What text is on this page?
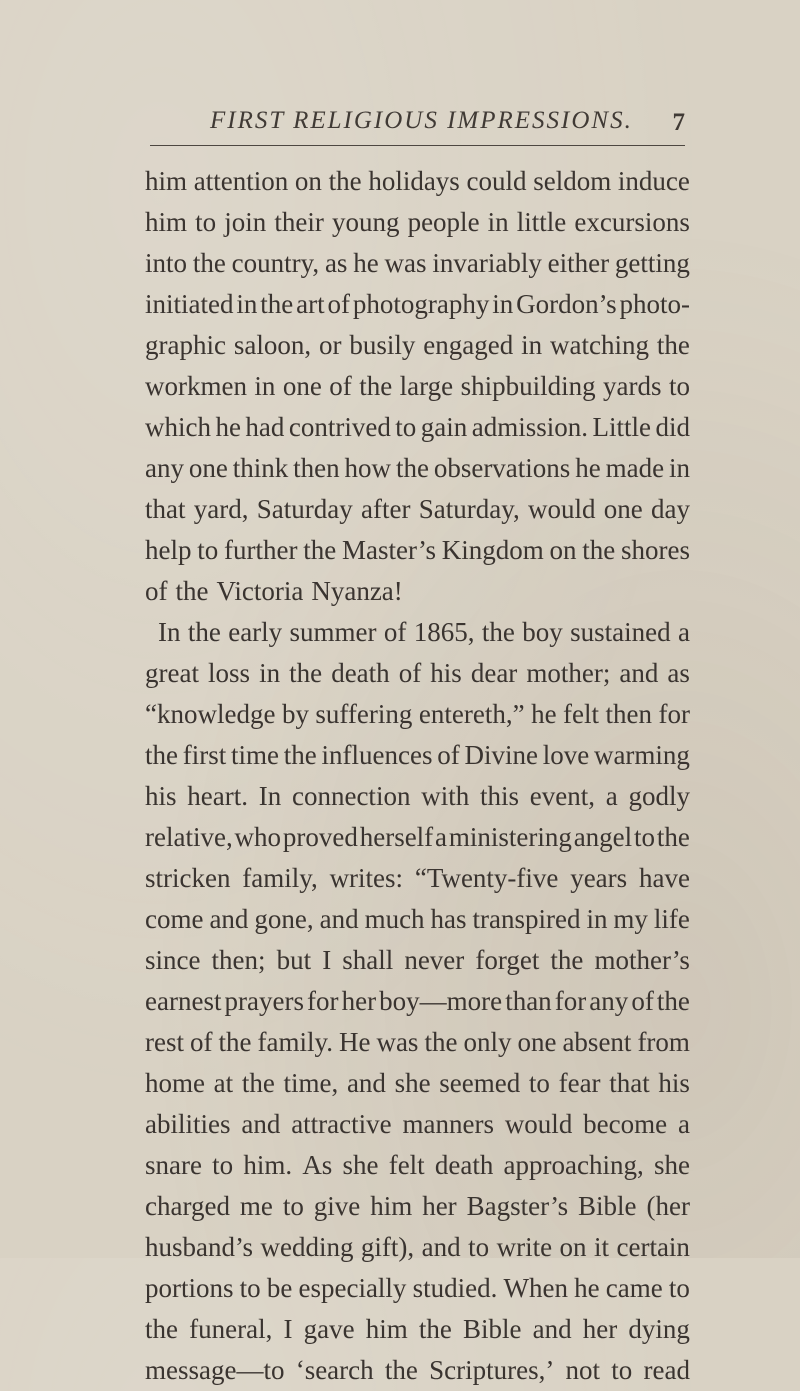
FIRST RELIGIOUS IMPRESSIONS. 7
him attention on the holidays could seldom induce
him to join their young people in little excursions
into the country, as he was invariably either getting
initiated in the art of photography in Gordon’s photo-
graphic saloon, or busily engaged in watching the
workmen in one of the large shipbuilding yards to
which he had contrived to gain admission. Little did
any one think then how the observations he made in
that yard, Saturday after Saturday, would one day
help to further the Master’s Kingdom on the shores
of the Victoria Nyanza!
In the early summer of 1865, the boy sustained a
great loss in the death of his dear mother; and as
“knowledge by suffering entereth,” he felt then for
the first time the influences of Divine love warming
his heart. In connection with this event, a godly
relative, who proved herself a ministering angel to the
stricken family, writes: “Twenty-five years have
come and gone, and much has transpired in my life
since then; but I shall never forget the mother’s
earnest prayers for her boy—more than for any of the
rest of the family. He was the only one absent from
home at the time, and she seemed to fear that his
abilities and attractive manners would become a
snare to him. As she felt death approaching, she
charged me to give him her Bagster’s Bible (her
husband’s wedding gift), and to write on it certain
portions to be especially studied. When he came to
the funeral, I gave him the Bible and her dying
message—to ‘search the Scriptures,’ not to read
